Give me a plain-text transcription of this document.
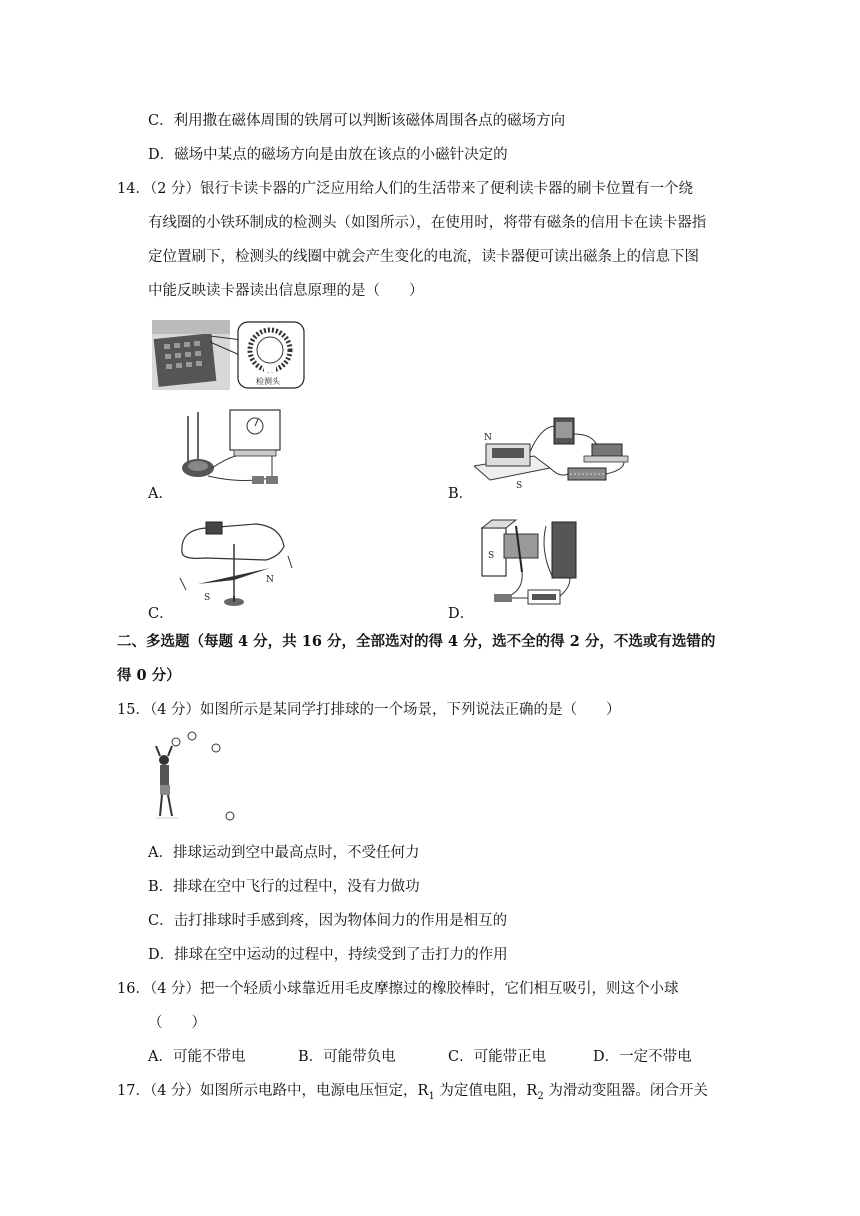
C．利用撒在磁体周围的铁屑可以判断该磁体周围各点的磁场方向
D．磁场中某点的磁场方向是由放在该点的小磁针决定的
14．（2 分）银行卡读卡器的广泛应用给人们的生活带来了便利读卡器的刷卡位置有一个绕
有线圈的小铁环制成的检测头（如图所示），在使用时，将带有磁条的信用卡在读卡器指
定位置刷下，检测头的线圈中就会产生变化的电流，读卡器便可读出磁条上的信息下图
中能反映读卡器读出信息原理的是（　　）
检测头
A．	B．
N
S
C．
S
N
D．
S
二、多选题（每题 4 分，共 16 分，全部选对的得 4 分，选不全的得 2 分，不选或有选错的
得 0 分）
15．（4 分）如图所示是某同学打排球的一个场景，下列说法正确的是（　　）
A．排球运动到空中最高点时，不受任何力
B．排球在空中飞行的过程中，没有力做功
C．击打排球时手感到疼，因为物体间力的作用是相互的
D．排球在空中运动的过程中，持续受到了击打力的作用
16．（4 分）把一个轻质小球靠近用毛皮摩擦过的橡胶棒时，它们相互吸引，则这个小球
（　　）
A．可能不带电	B．可能带负电	C．可能带正电	D．一定不带电
17．（4 分）如图所示电路中，电源电压恒定，$R_1$ 为定值电阻，$R_2$ 为滑动变阻器。闭合开关
